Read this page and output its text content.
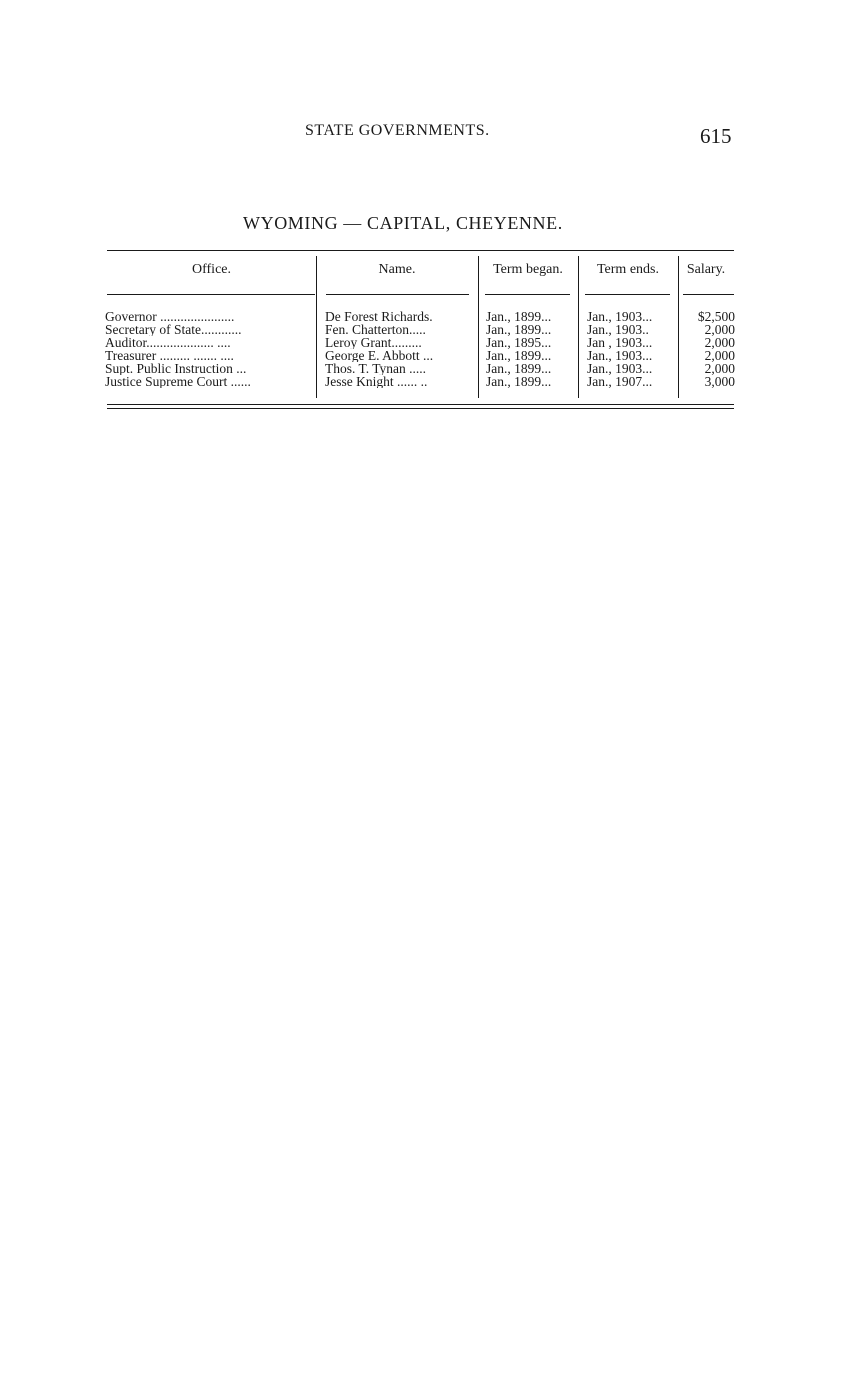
STATE GOVERNMENTS.	615
WYOMING — CAPITAL, CHEYENNE.
Office.	Name.	Term began.	Term ends.	Salary.
Governor ......................	De Forest Richards.	Jan., 1899...	Jan., 1903...	$2,500
Secretary of State............	Fen. Chatterton.....	Jan., 1899...	Jan., 1903..	2,000
Auditor.................... ....	Leroy Grant.........	Jan., 1895...	Jan , 1903...	2,000
Treasurer ......... ....... ....	George E. Abbott ...	Jan., 1899...	Jan., 1903...	2,000
Supt. Public Instruction ...	Thos. T. Tynan .....	Jan., 1899...	Jan., 1903...	2,000
Justice Supreme Court ......	Jesse Knight ...... ..	Jan., 1899...	Jan., 1907...	3,000
